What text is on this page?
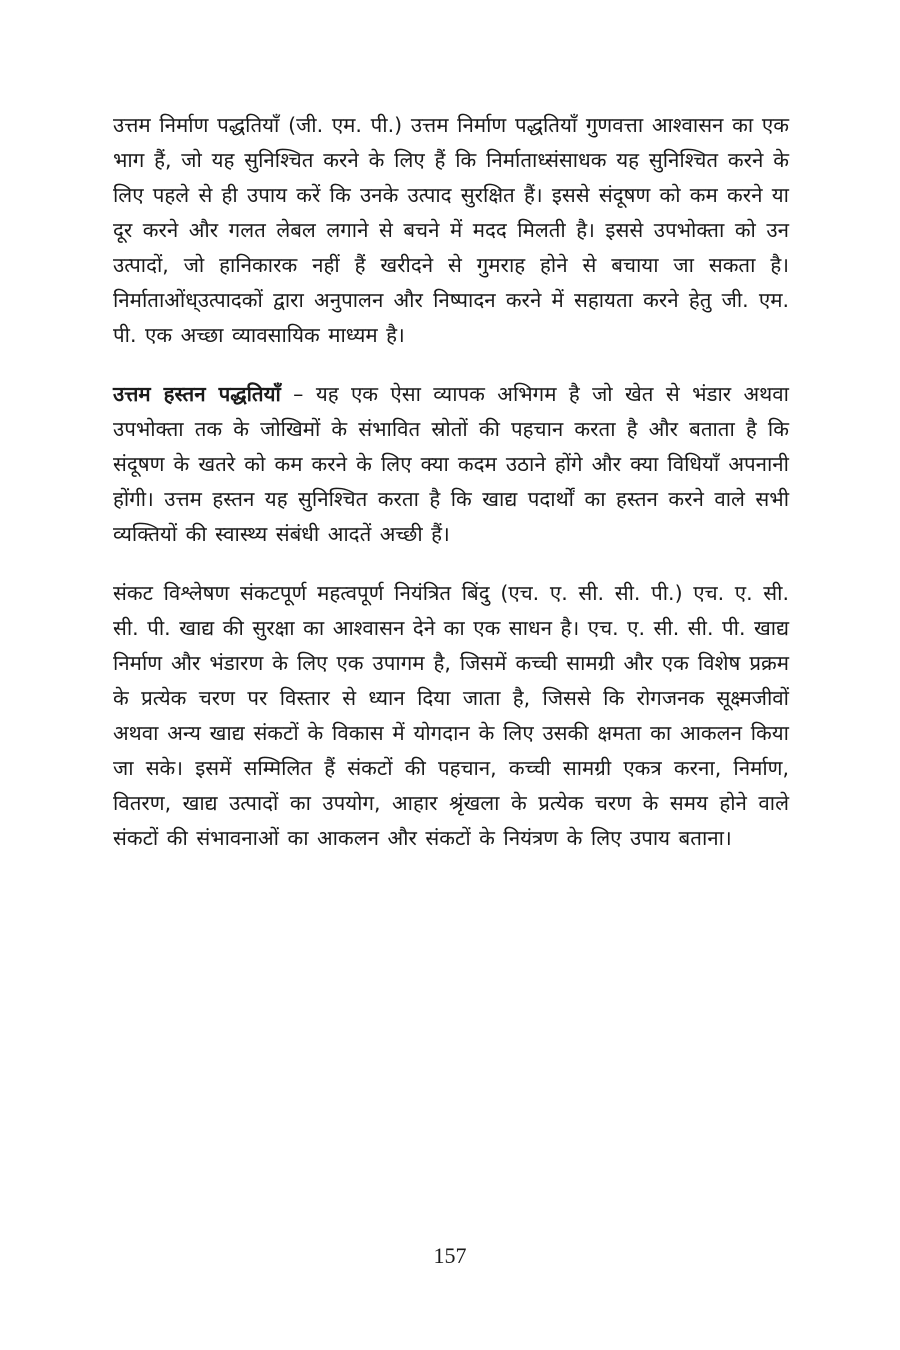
उत्तम निर्माण पद्धतियाँ (जी. एम. पी.) उत्तम निर्माण पद्धतियाँ गुणवत्ता आश्वासन का एक भाग हैं, जो यह सुनिश्चित करने के लिए हैं कि निर्माताध्संसाधक यह सुनिश्चित करने के लिए पहले से ही उपाय करें कि उनके उत्पाद सुरक्षित हैं। इससे संदूषण को कम करने या दूर करने और गलत लेबल लगाने से बचने में मदद मिलती है। इससे उपभोक्ता को उन उत्पादों, जो हानिकारक नहीं हैं खरीदने से गुमराह होने से बचाया जा सकता है। निर्माताओंध्उत्पादकों द्वारा अनुपालन और निष्पादन करने में सहायता करने हेतु जी. एम. पी. एक अच्छा व्यावसायिक माध्यम है।

उत्तम हस्तन पद्धतियाँ – यह एक ऐसा व्यापक अभिगम है जो खेत से भंडार अथवा उपभोक्ता तक के जोखिमों के संभावित स्रोतों की पहचान करता है और बताता है कि संदूषण के खतरे को कम करने के लिए क्या कदम उठाने होंगे और क्या विधियाँ अपनानी होंगी। उत्तम हस्तन यह सुनिश्चित करता है कि खाद्य पदार्थों का हस्तन करने वाले सभी व्यक्तियों की स्वास्थ्य संबंधी आदतें अच्छी हैं।

संकट विश्लेषण संकटपूर्ण महत्वपूर्ण नियंत्रित बिंदु (एच. ए. सी. सी. पी.) एच. ए. सी. सी. पी. खाद्य की सुरक्षा का आश्वासन देने का एक साधन है। एच. ए. सी. सी. पी. खाद्य निर्माण और भंडारण के लिए एक उपागम है, जिसमें कच्ची सामग्री और एक विशेष प्रक्रम के प्रत्येक चरण पर विस्तार से ध्यान दिया जाता है, जिससे कि रोगजनक सूक्ष्मजीवों अथवा अन्य खाद्य संकटों के विकास में योगदान के लिए उसकी क्षमता का आकलन किया जा सके। इसमें सम्मिलित हैं संकटों की पहचान, कच्ची सामग्री एकत्र करना, निर्माण, वितरण, खाद्य उत्पादों का उपयोग, आहार श्रृंखला के प्रत्येक चरण के समय होने वाले संकटों की संभावनाओं का आकलन और संकटों के नियंत्रण के लिए उपाय बताना।

157
